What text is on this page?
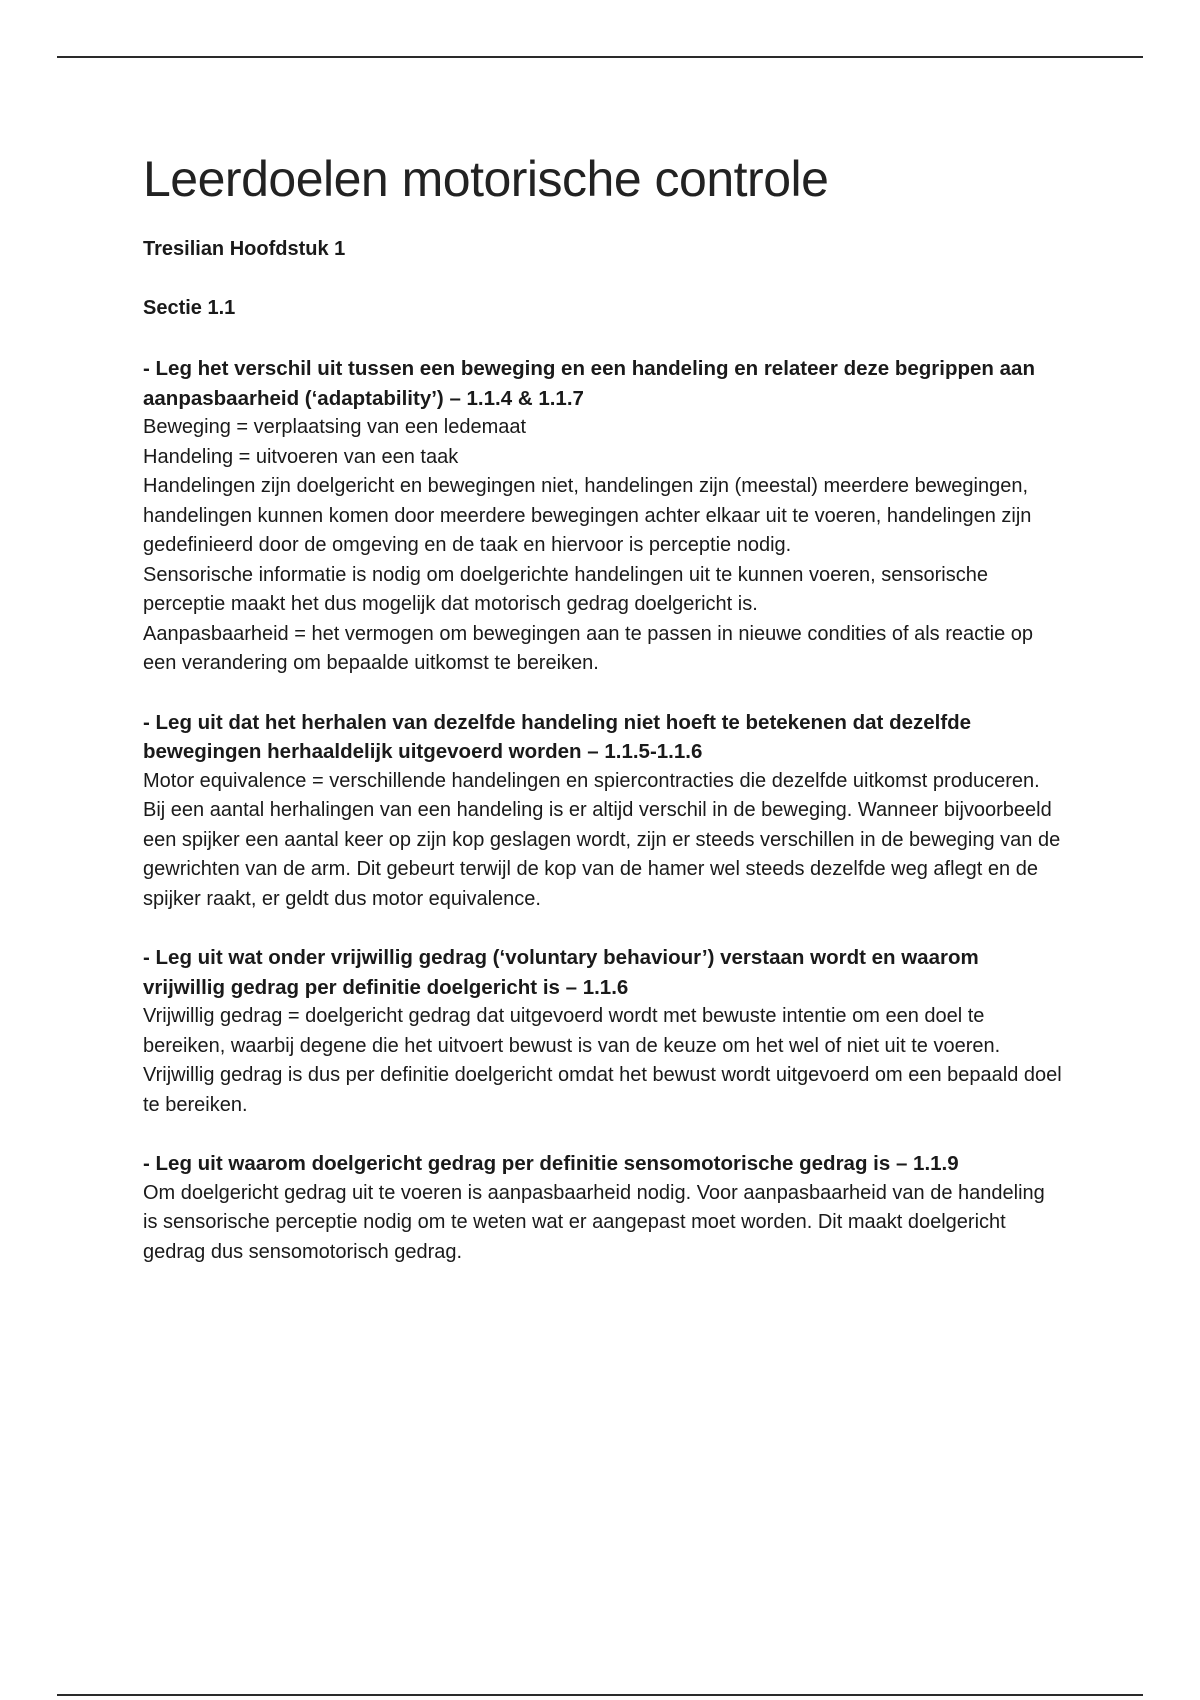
Leerdoelen motorische controle

Tresilian Hoofdstuk 1

Sectie 1.1

- Leg het verschil uit tussen een beweging en een handeling en relateer deze begrippen aan aanpasbaarheid (‘adaptability’) – 1.1.4 & 1.1.7

Beweging = verplaatsing van een ledemaat

Handeling = uitvoeren van een taak

Handelingen zijn doelgericht en bewegingen niet, handelingen zijn (meestal) meerdere bewegingen, handelingen kunnen komen door meerdere bewegingen achter elkaar uit te voeren, handelingen zijn gedefinieerd door de omgeving en de taak en hiervoor is perceptie nodig.

Sensorische informatie is nodig om doelgerichte handelingen uit te kunnen voeren, sensorische perceptie maakt het dus mogelijk dat motorisch gedrag doelgericht is.

Aanpasbaarheid = het vermogen om bewegingen aan te passen in nieuwe condities of als reactie op een verandering om bepaalde uitkomst te bereiken.

- Leg uit dat het herhalen van dezelfde handeling niet hoeft te betekenen dat dezelfde bewegingen herhaaldelijk uitgevoerd worden – 1.1.5-1.1.6

Motor equivalence = verschillende handelingen en spiercontracties die dezelfde uitkomst produceren.

Bij een aantal herhalingen van een handeling is er altijd verschil in de beweging. Wanneer bijvoorbeeld een spijker een aantal keer op zijn kop geslagen wordt, zijn er steeds verschillen in de beweging van de gewrichten van de arm. Dit gebeurt terwijl de kop van de hamer wel steeds dezelfde weg aflegt en de spijker raakt, er geldt dus motor equivalence.

- Leg uit wat onder vrijwillig gedrag (‘voluntary behaviour’) verstaan wordt en waarom vrijwillig gedrag per definitie doelgericht is – 1.1.6

Vrijwillig gedrag = doelgericht gedrag dat uitgevoerd wordt met bewuste intentie om een doel te bereiken, waarbij degene die het uitvoert bewust is van de keuze om het wel of niet uit te voeren.

Vrijwillig gedrag is dus per definitie doelgericht omdat het bewust wordt uitgevoerd om een bepaald doel te bereiken.

- Leg uit waarom doelgericht gedrag per definitie sensomotorische gedrag is – 1.1.9

Om doelgericht gedrag uit te voeren is aanpasbaarheid nodig. Voor aanpasbaarheid van de handeling is sensorische perceptie nodig om te weten wat er aangepast moet worden. Dit maakt doelgericht gedrag dus sensomotorisch gedrag.
